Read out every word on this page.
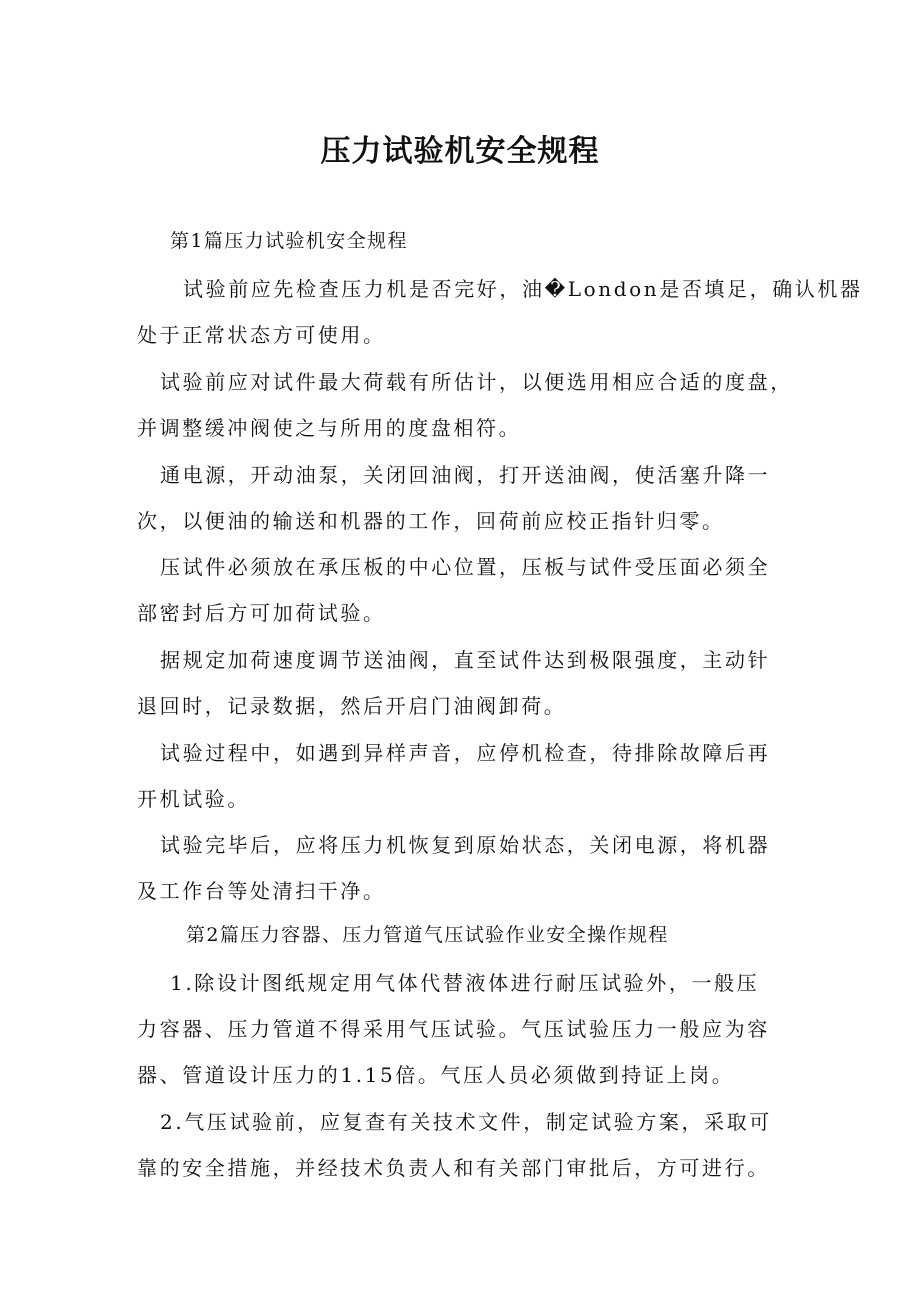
压力试验机安全规程

第1篇压力试验机安全规程

试验前应先检查压力机是否完好，油�London是否填足，确认机器

处于正常状态方可使用。

试验前应对试件最大荷载有所估计，以便选用相应合适的度盘，

并调整缓冲阀使之与所用的度盘相符。

通电源，开动油泵，关闭回油阀，打开送油阀，使活塞升降一

次，以便油的输送和机器的工作，回荷前应校正指针归零。

压试件必须放在承压板的中心位置，压板与试件受压面必须全

部密封后方可加荷试验。

据规定加荷速度调节送油阀，直至试件达到极限强度，主动针

退回时，记录数据，然后开启门油阀卸荷。

试验过程中，如遇到异样声音，应停机检查，待排除故障后再

开机试验。

试验完毕后，应将压力机恢复到原始状态，关闭电源，将机器

及工作台等处清扫干净。

第2篇压力容器、压力管道气压试验作业安全操作规程

1.除设计图纸规定用气体代替液体进行耐压试验外，一般压

力容器、压力管道不得采用气压试验。气压试验压力一般应为容

器、管道设计压力的1.15倍。气压人员必须做到持证上岗。

2.气压试验前，应复查有关技术文件，制定试验方案，采取可

靠的安全措施，并经技术负责人和有关部门审批后，方可进行。
